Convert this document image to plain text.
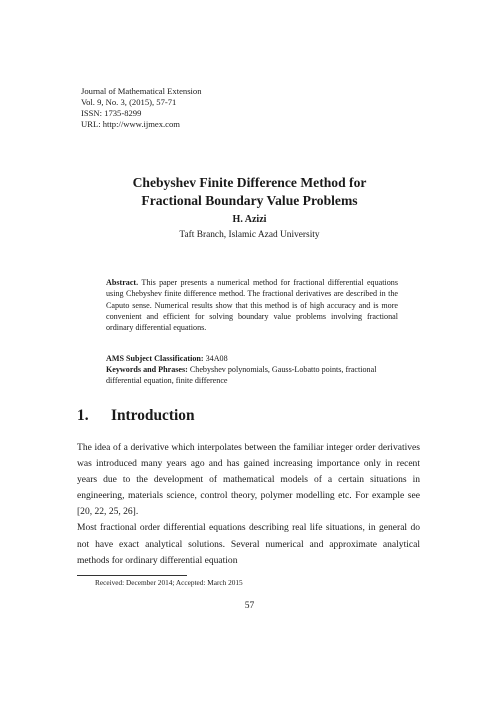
Journal of Mathematical Extension
Vol. 9, No. 3, (2015), 57-71
ISSN: 1735-8299
URL: http://www.ijmex.com
Chebyshev Finite Difference Method for
Fractional Boundary Value Problems
H. Azizi
Taft Branch, Islamic Azad University
Abstract. This paper presents a numerical method for fractional differential equations using Chebyshev finite difference method. The fractional derivatives are described in the Caputo sense. Numerical results show that this method is of high accuracy and is more convenient and efficient for solving boundary value problems involving fractional ordinary differential equations.
AMS Subject Classification: 34A08
Keywords and Phrases: Chebyshev polynomials, Gauss-Lobatto points, fractional differential equation, finite difference
1. Introduction

The idea of a derivative which interpolates between the familiar integer order derivatives was introduced many years ago and has gained increasing importance only in recent years due to the development of mathematical models of a certain situations in engineering, materials science, control theory, polymer modelling etc. For example see [20, 22, 25, 26].

Most fractional order differential equations describing real life situations, in general do not have exact analytical solutions. Several numerical and approximate analytical methods for ordinary differential equation

Received: December 2014; Accepted: March 2015
57
